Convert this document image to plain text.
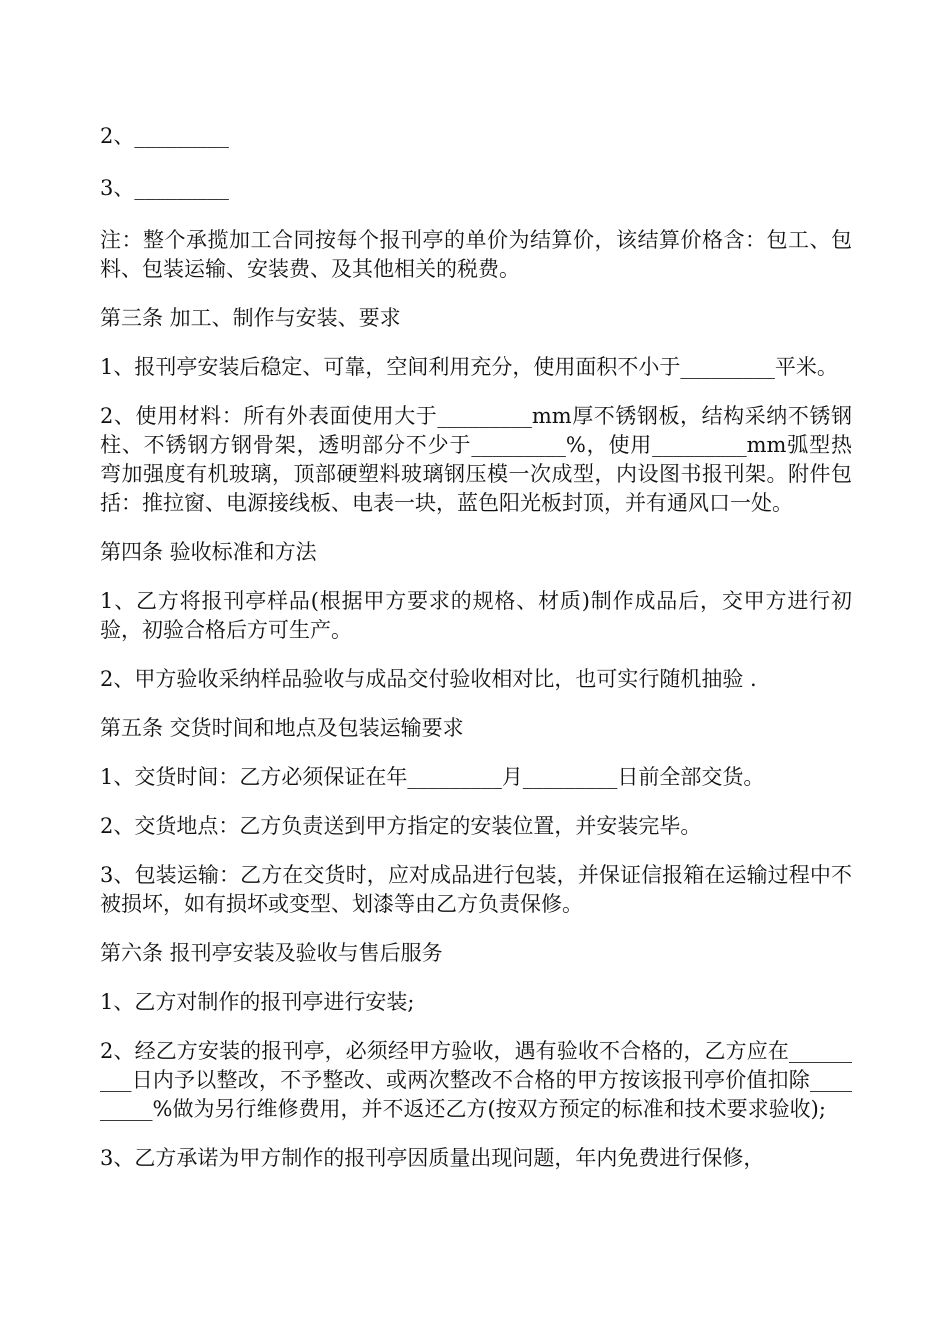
2、_________

3、_________

注：整个承揽加工合同按每个报刊亭的单价为结算价，该结算价格含：包工、包料、包装运输、安装费、及其他相关的税费。

第三条 加工、制作与安装、要求

1、报刊亭安装后稳定、可靠，空间利用充分，使用面积不小于_________平米。

2、使用材料：所有外表面使用大于_________mm厚不锈钢板，结构采纳不锈钢柱、不锈钢方钢骨架，透明部分不少于_________%，使用_________mm弧型热弯加强度有机玻璃，顶部硬塑料玻璃钢压模一次成型，内设图书报刊架。附件包括：推拉窗、电源接线板、电表一块，蓝色阳光板封顶，并有通风口一处。

第四条 验收标准和方法

1、乙方将报刊亭样品(根据甲方要求的规格、材质)制作成品后，交甲方进行初验，初验合格后方可生产。

2、甲方验收采纳样品验收与成品交付验收相对比，也可实行随机抽验 .

第五条 交货时间和地点及包装运输要求

1、交货时间：乙方必须保证在年_________月_________日前全部交货。

2、交货地点：乙方负责送到甲方指定的安装位置，并安装完毕。

3、包装运输：乙方在交货时，应对成品进行包装，并保证信报箱在运输过程中不被损坏，如有损坏或变型、划漆等由乙方负责保修。

第六条 报刊亭安装及验收与售后服务

1、乙方对制作的报刊亭进行安装;

2、经乙方安装的报刊亭，必须经甲方验收，遇有验收不合格的，乙方应在_________日内予以整改，不予整改、或两次整改不合格的甲方按该报刊亭价值扣除_________%做为另行维修费用，并不返还乙方(按双方预定的标准和技术要求验收);

3、乙方承诺为甲方制作的报刊亭因质量出现问题，年内免费进行保修，
